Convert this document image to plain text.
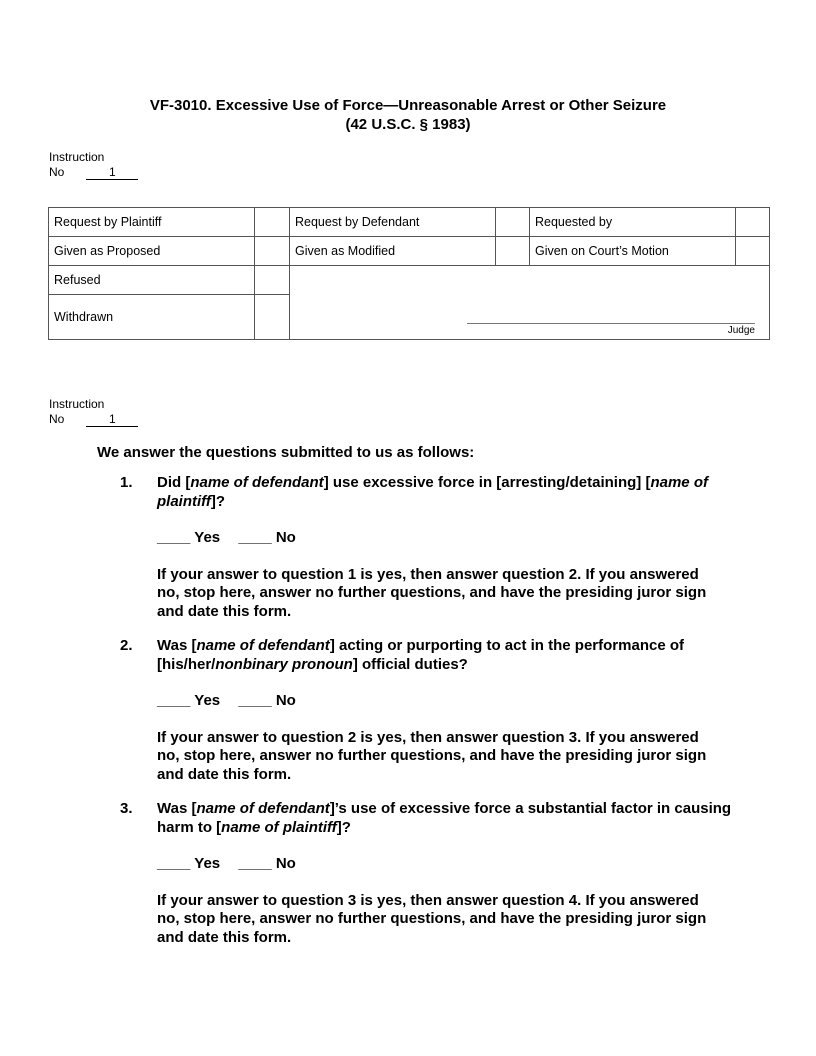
VF-3010. Excessive Use of Force—Unreasonable Arrest or Other Seizure
(42 U.S.C. § 1983)
Instruction
No	1
Request by Plaintiff		Request by Defendant		Requested by	
Given as Proposed		Given as Modified		Given on Court’s Motion	
Refused		Judge			

Withdrawn					
Instruction
No	1
We answer the questions submitted to us as follows:
1. Did [name of defendant] use excessive force in [arresting/detaining] [name of plaintiff]?
____ Yes ____ No
If your answer to question 1 is yes, then answer question 2. If you answered no, stop here, answer no further questions, and have the presiding juror sign and date this form.
2. Was [name of defendant] acting or purporting to act in the performance of [his/her/nonbinary pronoun] official duties?
____ Yes ____ No
If your answer to question 2 is yes, then answer question 3. If you answered no, stop here, answer no further questions, and have the presiding juror sign and date this form.
3. Was [name of defendant]’s use of excessive force a substantial factor in causing harm to [name of plaintiff]?
____ Yes ____ No
If your answer to question 3 is yes, then answer question 4. If you answered no, stop here, answer no further questions, and have the presiding juror sign and date this form.
